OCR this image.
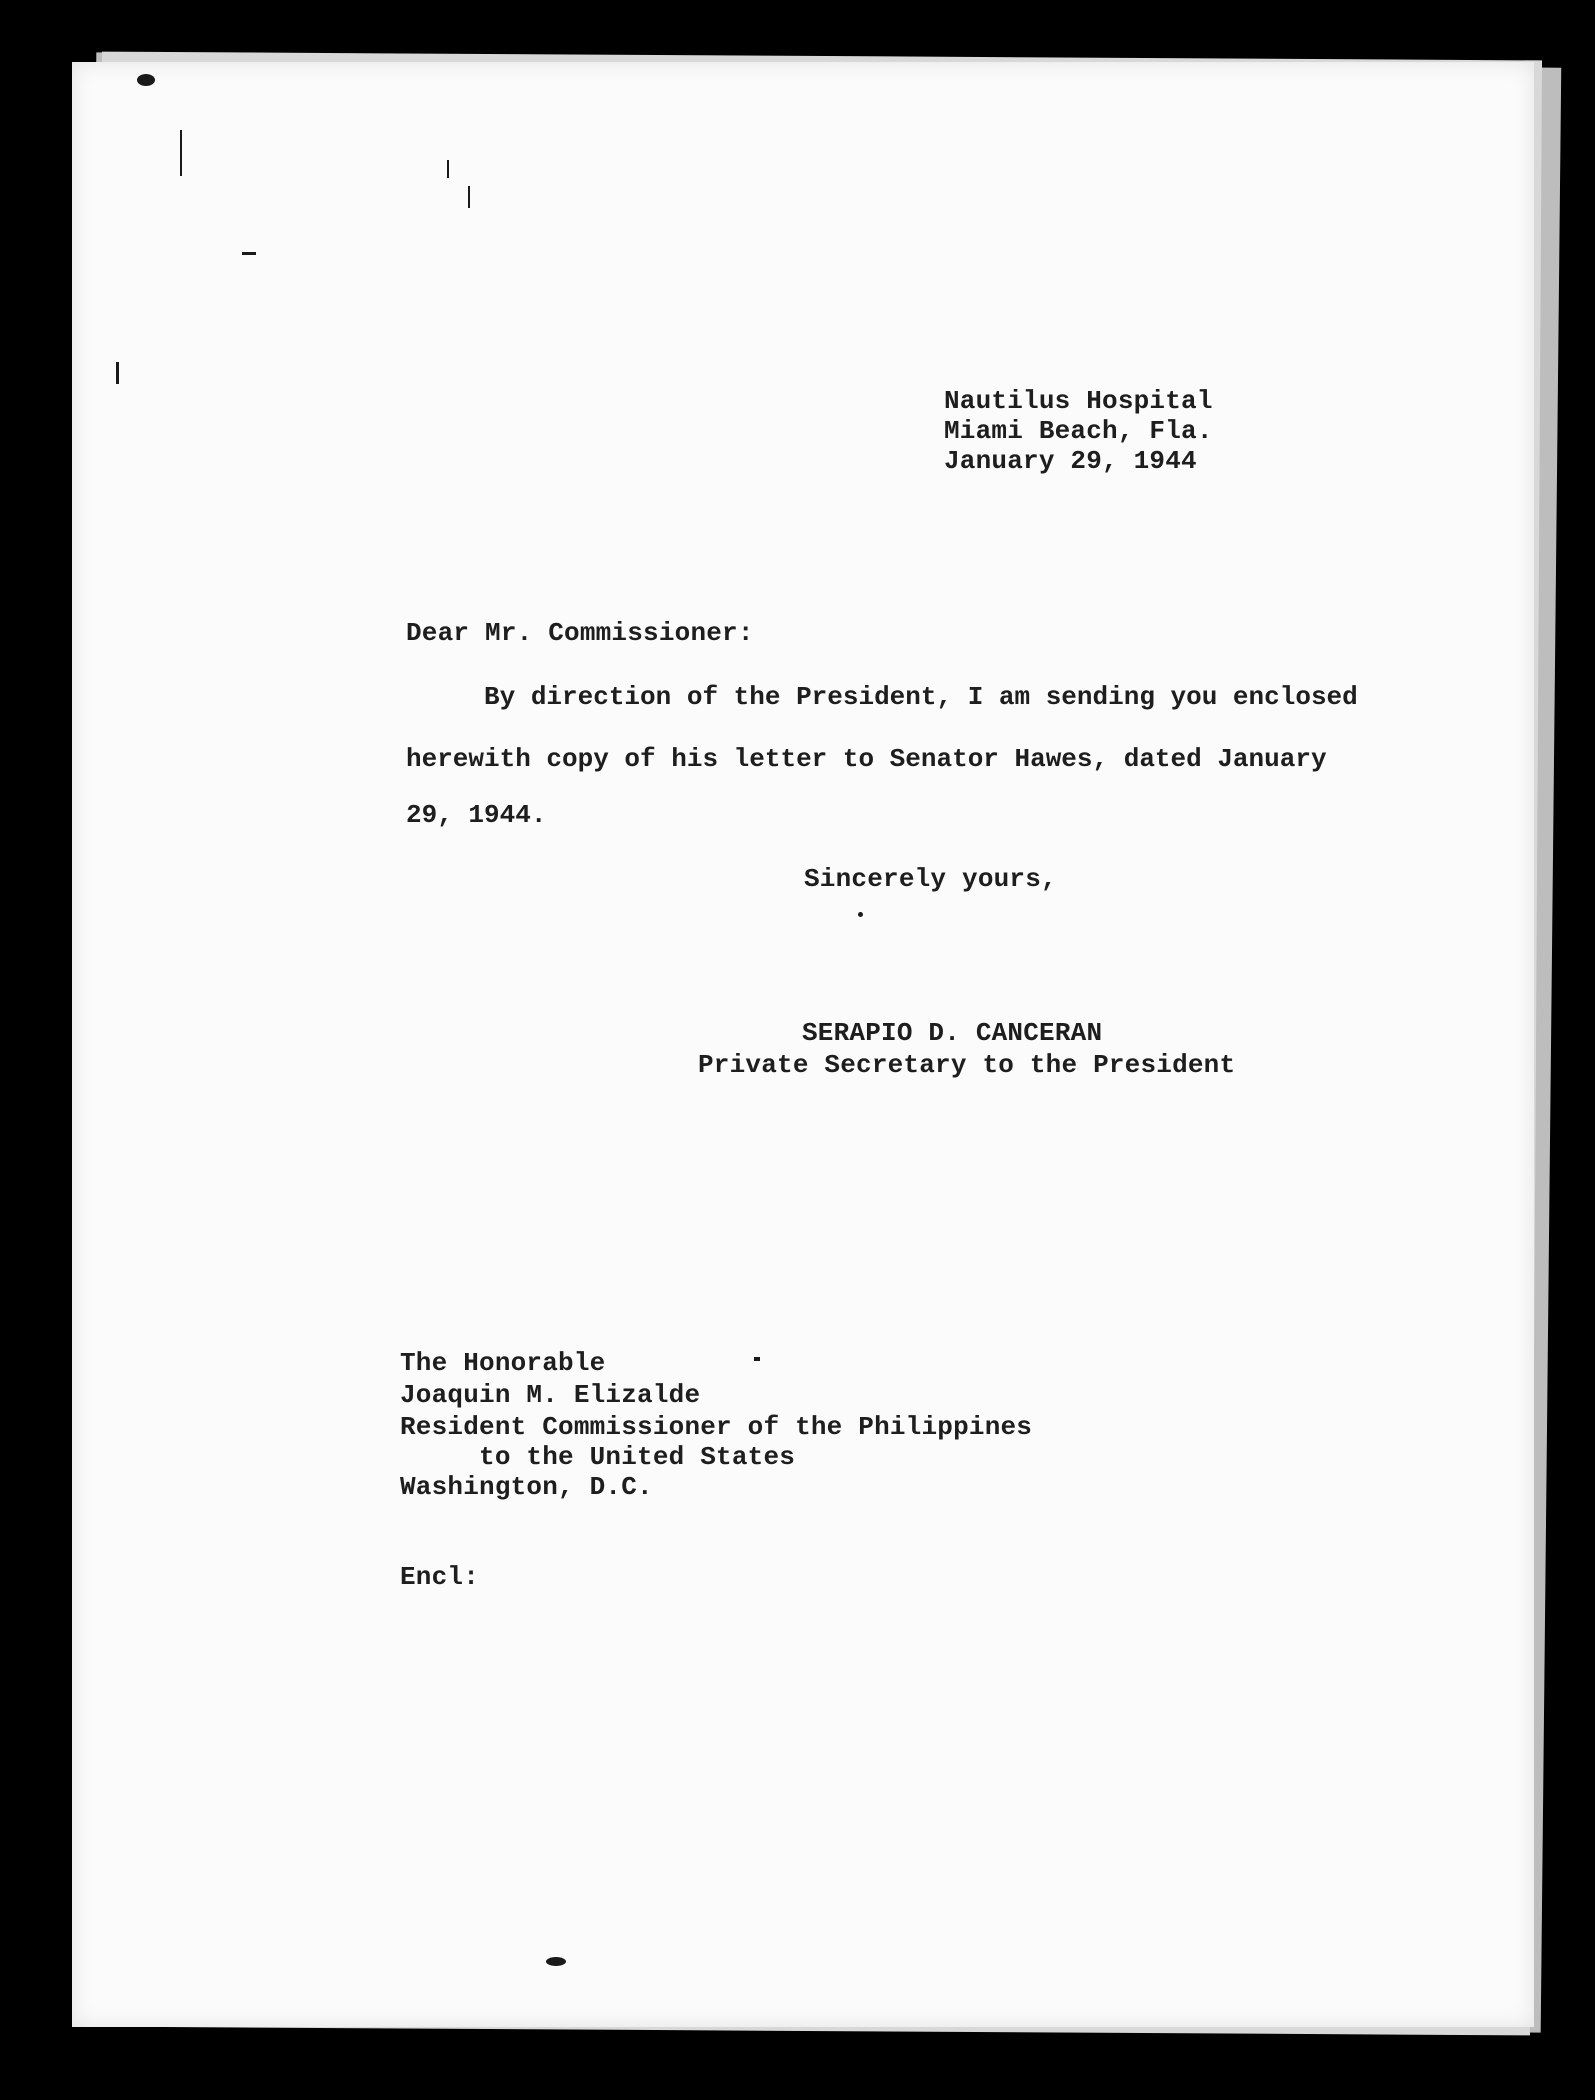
Nautilus Hospital
Miami Beach, Fla.
January 29, 1944
Dear Mr. Commissioner:
By direction of the President, I am sending you enclosed
herewith copy of his letter to Senator Hawes, dated January
29, 1944.
Sincerely yours,
SERAPIO D. CANCERAN
Private Secretary to the President
The Honorable
Joaquin M. Elizalde
Resident Commissioner of the Philippines
to the United States
Washington, D.C.
Encl:
